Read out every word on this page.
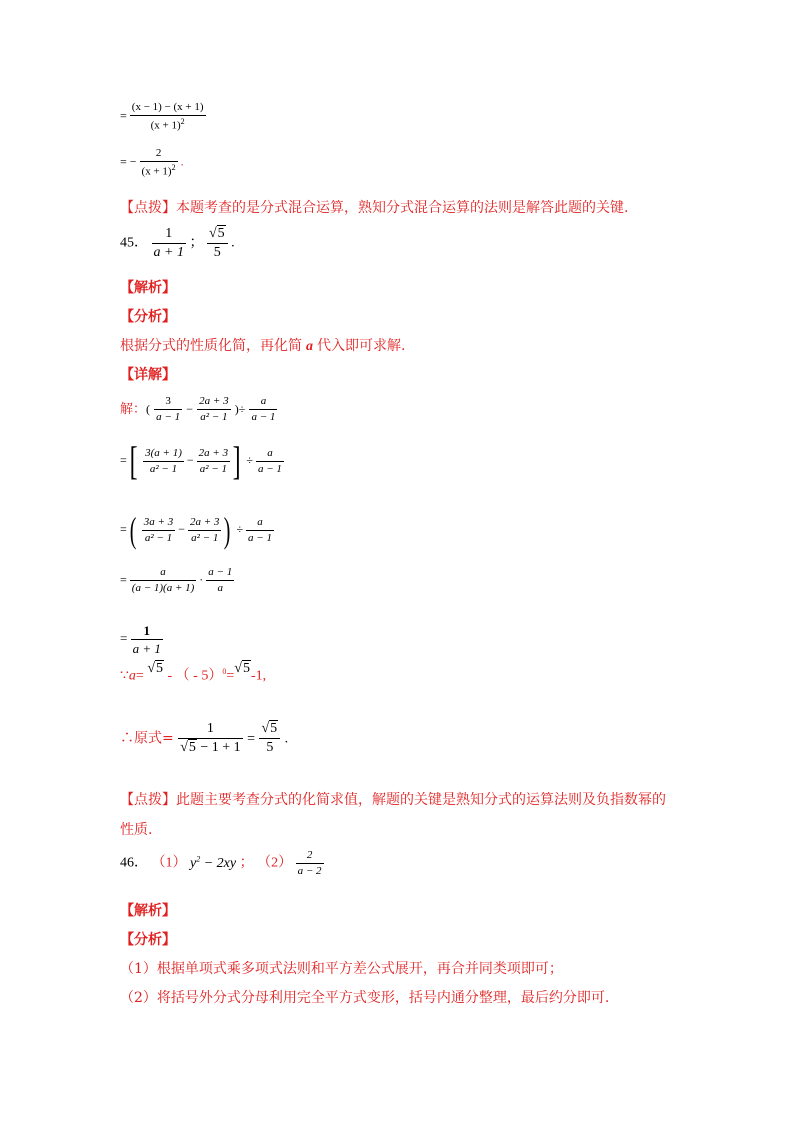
= $\frac{(x - 1) - (x + 1)}{(x + 1)^2}$
= − $\frac{2}{(x + 1)^2}$ .
【点拨】本题考查的是分式混合运算，熟知分式混合运算的法则是解答此题的关键.
45． $\frac{1}{a + 1}$ ； $\frac{√5}{5}$ .
【解析】
【分析】
根据分式的性质化简，再化简 a 代入即可求解.
【详解】
解：( $\frac{3}{a - 1} - \frac{2a + 3}{\text{a² − 1}}$ )÷ $\frac{a}{a - 1}$
=[ $\frac{3(a + 1)}{\text{a² − 1}} - \frac{2a + 3}{\text{a² − 1}}$ ] ÷ $\frac{a}{a - 1}$
=( $\frac{3a + 3}{\text{a² − 1}} - \frac{2a + 3}{\text{a² − 1}}$ ) ÷ $\frac{a}{a - 1}$
= $\frac{a}{(a - 1)(a + 1)} \cdot \frac{a - 1}{a}$
= $\frac{1}{a + 1}$
∵a= √5 - （ - 5）$^0$=√5-1,
∴原式= $\frac{1}{√5 - 1 + 1} = \frac{√5}{5}$ .
【点拨】此题主要考查分式的化简求值，解题的关键是熟知分式的运算法则及负指数幂的
性质.
46． （1） $y^2 - 2xy$ ； $(2) \frac{2}{a - 2}$
【解析】
【分析】
（1）根据单项式乘多项式法则和平方差公式展开，再合并同类项即可；
（2）将括号外分式分母利用完全平方式变形，括号内通分整理，最后约分即可.
